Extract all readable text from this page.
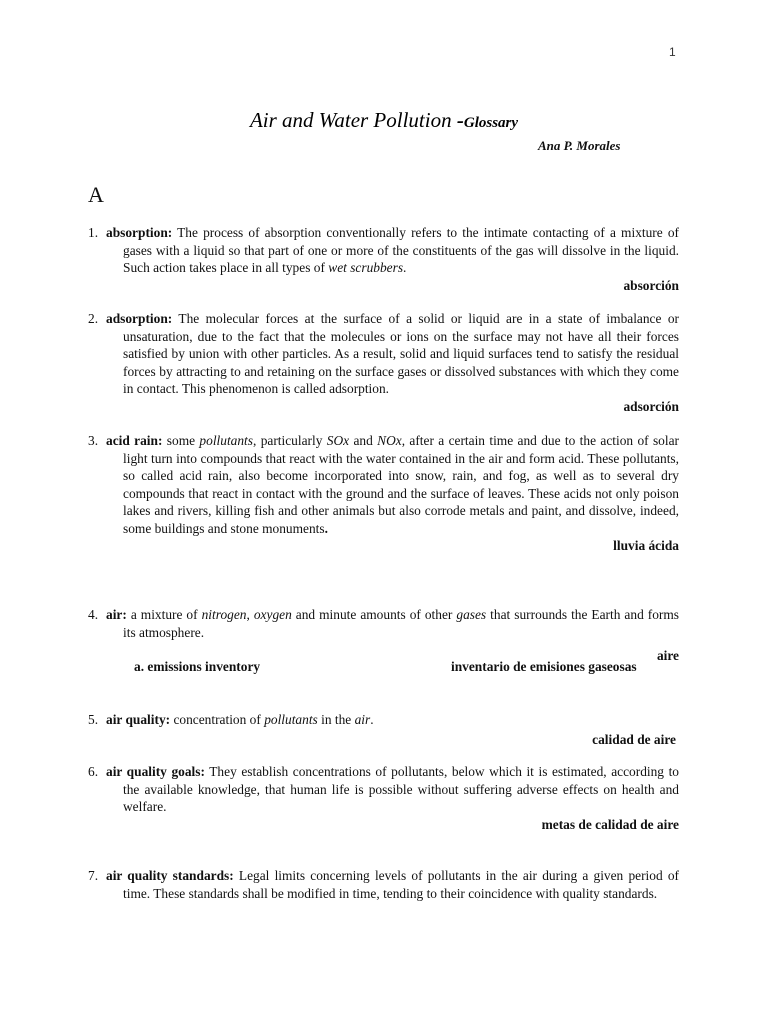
1
Air and Water Pollution -Glossary
Ana P. Morales
A

1. absorption: The process of absorption conventionally refers to the intimate contacting of a mixture of gases with a liquid so that part of one or more of the constituents of the gas will dissolve in the liquid. Such action takes place in all types of wet scrubbers.

absorción

2. adsorption: The molecular forces at the surface of a solid or liquid are in a state of imbalance or unsaturation, due to the fact that the molecules or ions on the surface may not have all their forces satisfied by union with other particles. As a result, solid and liquid surfaces tend to satisfy the residual forces by attracting to and retaining on the surface gases or dissolved substances with which they come in contact. This phenomenon is called adsorption.

adsorción

3. acid rain: some pollutants, particularly SOx and NOx, after a certain time and due to the action of solar light turn into compounds that react with the water contained in the air and form acid. These pollutants, so called acid rain, also become incorporated into snow, rain, and fog, as well as to several dry compounds that react in contact with the ground and the surface of leaves. These acids not only poison lakes and rivers, killing fish and other animals but also corrode metals and paint, and dissolve, indeed, some buildings and stone monuments.

lluvia ácida

4. air: a mixture of nitrogen, oxygen and minute amounts of other gases that surrounds the Earth and forms its atmosphere.

aire

a. emissions inventory	inventario de emisiones gaseosas

5. air quality: concentration of pollutants in the air.

calidad de aire

6. air quality goals: They establish concentrations of pollutants, below which it is estimated, according to the available knowledge, that human life is possible without suffering adverse effects on health and welfare.

metas de calidad de aire

7. air quality standards: Legal limits concerning levels of pollutants in the air during a given period of time. These standards shall be modified in time, tending to their coincidence with quality standards.
